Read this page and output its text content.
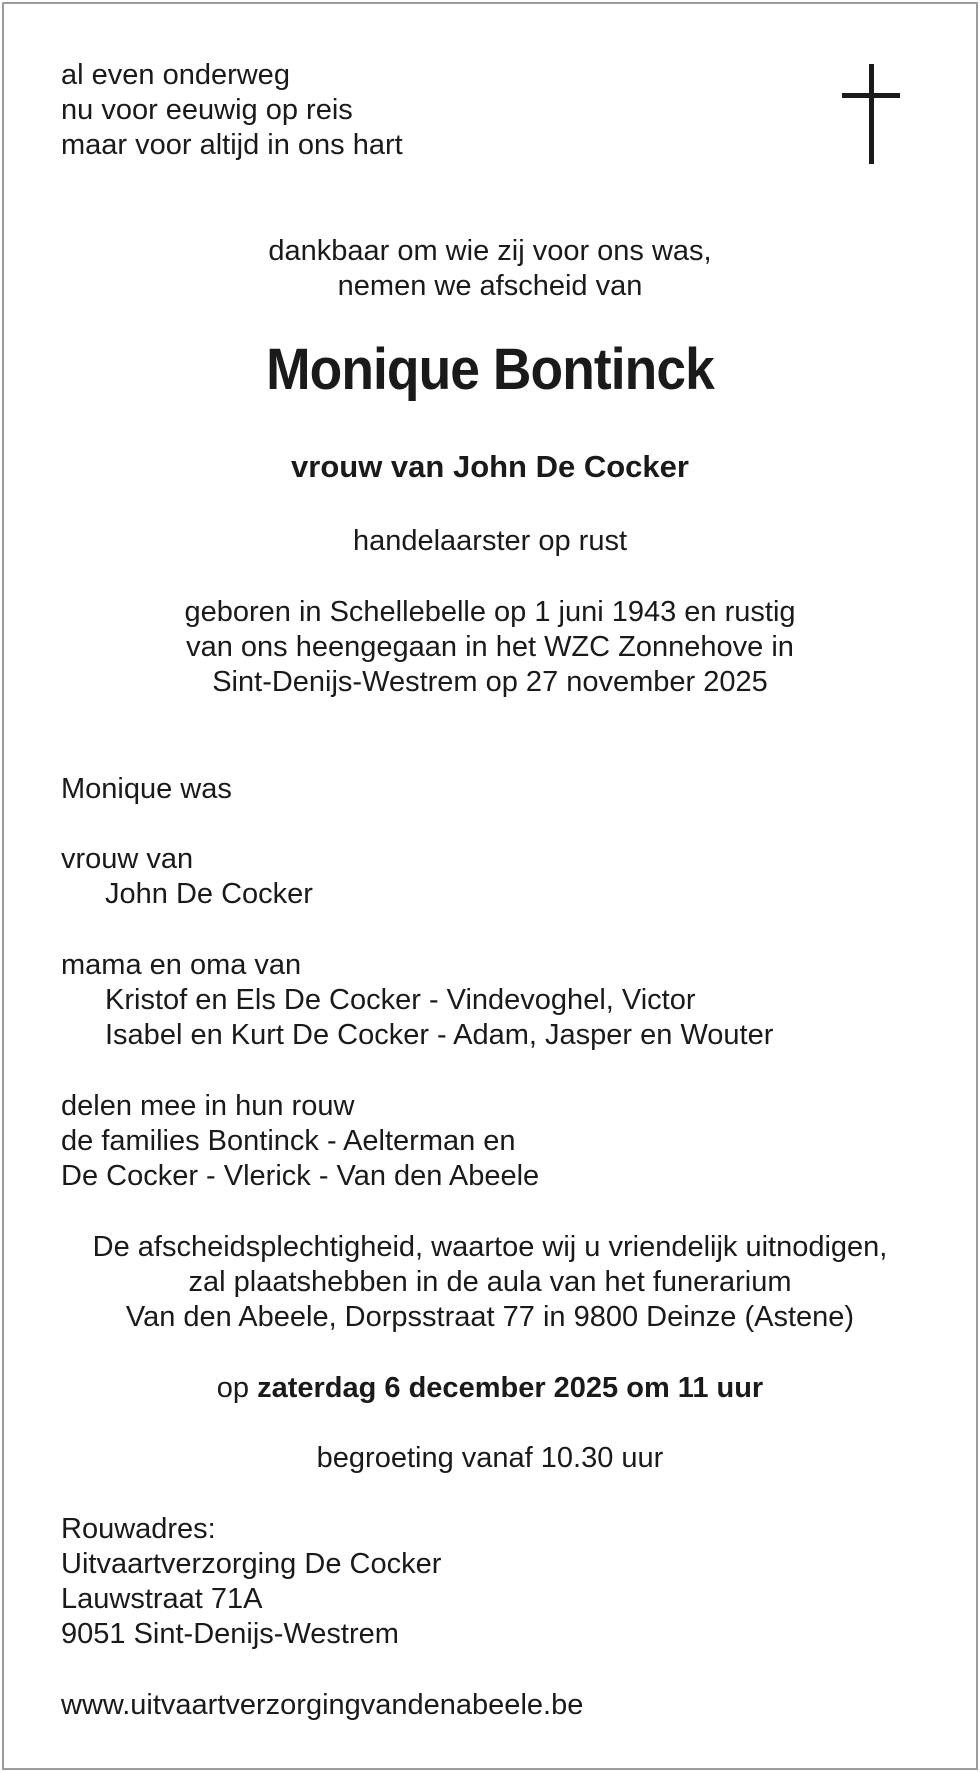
al even onderweg
nu voor eeuwig op reis
maar voor altijd in ons hart
dankbaar om wie zij voor ons was,
nemen we afscheid van
Monique Bontinck
vrouw van John De Cocker
handelaarster op rust
geboren in Schellebelle op 1 juni 1943 en rustig
van ons heengegaan in het WZC Zonnehove in
Sint-Denijs-Westrem op 27 november 2025
Monique was
vrouw van
John De Cocker
mama en oma van
Kristof en Els De Cocker - Vindevoghel, Victor
Isabel en Kurt De Cocker - Adam, Jasper en Wouter
delen mee in hun rouw
de families Bontinck - Aelterman en
De Cocker - Vlerick - Van den Abeele
De afscheidsplechtigheid, waartoe wij u vriendelijk uitnodigen,
zal plaatshebben in de aula van het funerarium
Van den Abeele, Dorpsstraat 77 in 9800 Deinze (Astene)
op zaterdag 6 december 2025 om 11 uur
begroeting vanaf 10.30 uur
Rouwadres:
Uitvaartverzorging De Cocker
Lauwstraat 71A
9051 Sint-Denijs-Westrem
www.uitvaartverzorgingvandenabeele.be
